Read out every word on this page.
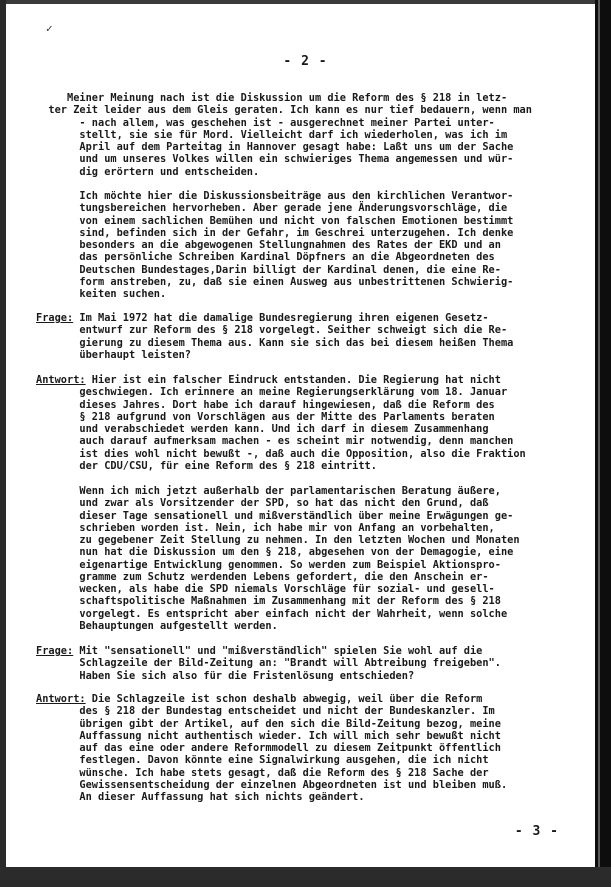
✓
- 2 -
Meiner Meinung nach ist die Diskussion um die Reform des § 218 in letz-
ter Zeit leider aus dem Gleis geraten. Ich kann es nur tief bedauern, wenn man
- nach allem, was geschehen ist - ausgerechnet meiner Partei unter-
stellt, sie sie für Mord. Vielleicht darf ich wiederholen, was ich im
April auf dem Parteitag in Hannover gesagt habe: Laßt uns um der Sache
und um unseres Volkes willen ein schwieriges Thema angemessen und wür-
dig erörtern und entscheiden.
Ich möchte hier die Diskussionsbeiträge aus den kirchlichen Verantwor-
tungsbereichen hervorheben. Aber gerade jene Änderungsvorschläge, die
von einem sachlichen Bemühen und nicht von falschen Emotionen bestimmt
sind, befinden sich in der Gefahr, im Geschrei unterzugehen. Ich denke
besonders an die abgewogenen Stellungnahmen des Rates der EKD und an
das persönliche Schreiben Kardinal Döpfners an die Abgeordneten des
Deutschen Bundestages,Darin billigt der Kardinal denen, die eine Re-
form anstreben, zu, daß sie einen Ausweg aus unbestrittenen Schwierig-
keiten suchen.
Frage: Im Mai 1972 hat die damalige Bundesregierung ihren eigenen Gesetz-
entwurf zur Reform des § 218 vorgelegt. Seither schweigt sich die Re-
gierung zu diesem Thema aus. Kann sie sich das bei diesem heißen Thema
überhaupt leisten?
Antwort: Hier ist ein falscher Eindruck entstanden. Die Regierung hat nicht
geschwiegen. Ich erinnere an meine Regierungserklärung vom 18. Januar
dieses Jahres. Dort habe ich darauf hingewiesen, daß die Reform des
§ 218 aufgrund von Vorschlägen aus der Mitte des Parlaments beraten
und verabschiedet werden kann. Und ich darf in diesem Zusammenhang
auch darauf aufmerksam machen - es scheint mir notwendig, denn manchen
ist dies wohl nicht bewußt -, daß auch die Opposition, also die Fraktion
der CDU/CSU, für eine Reform des § 218 eintritt.
Wenn ich mich jetzt außerhalb der parlamentarischen Beratung äußere,
und zwar als Vorsitzender der SPD, so hat das nicht den Grund, daß
dieser Tage sensationell und mißverständlich über meine Erwägungen ge-
schrieben worden ist. Nein, ich habe mir von Anfang an vorbehalten,
zu gegebener Zeit Stellung zu nehmen. In den letzten Wochen und Monaten
nun hat die Diskussion um den § 218, abgesehen von der Demagogie, eine
eigenartige Entwicklung genommen. So werden zum Beispiel Aktionspro-
gramme zum Schutz werdenden Lebens gefordert, die den Anschein er-
wecken, als habe die SPD niemals Vorschläge für sozial- und gesell-
schaftspolitische Maßnahmen im Zusammenhang mit der Reform des § 218
vorgelegt. Es entspricht aber einfach nicht der Wahrheit, wenn solche
Behauptungen aufgestellt werden.
Frage: Mit "sensationell" und "mißverständlich" spielen Sie wohl auf die
Schlagzeile der Bild-Zeitung an: "Brandt will Abtreibung freigeben".
Haben Sie sich also für die Fristenlösung entschieden?
Antwort: Die Schlagzeile ist schon deshalb abwegig, weil über die Reform
des § 218 der Bundestag entscheidet und nicht der Bundeskanzler. Im
übrigen gibt der Artikel, auf den sich die Bild-Zeitung bezog, meine
Auffassung nicht authentisch wieder. Ich will mich sehr bewußt nicht
auf das eine oder andere Reformmodell zu diesem Zeitpunkt öffentlich
festlegen. Davon könnte eine Signalwirkung ausgehen, die ich nicht
wünsche. Ich habe stets gesagt, daß die Reform des § 218 Sache der
Gewissensentscheidung der einzelnen Abgeordneten ist und bleiben muß.
An dieser Auffassung hat sich nichts geändert.
- 3 -
